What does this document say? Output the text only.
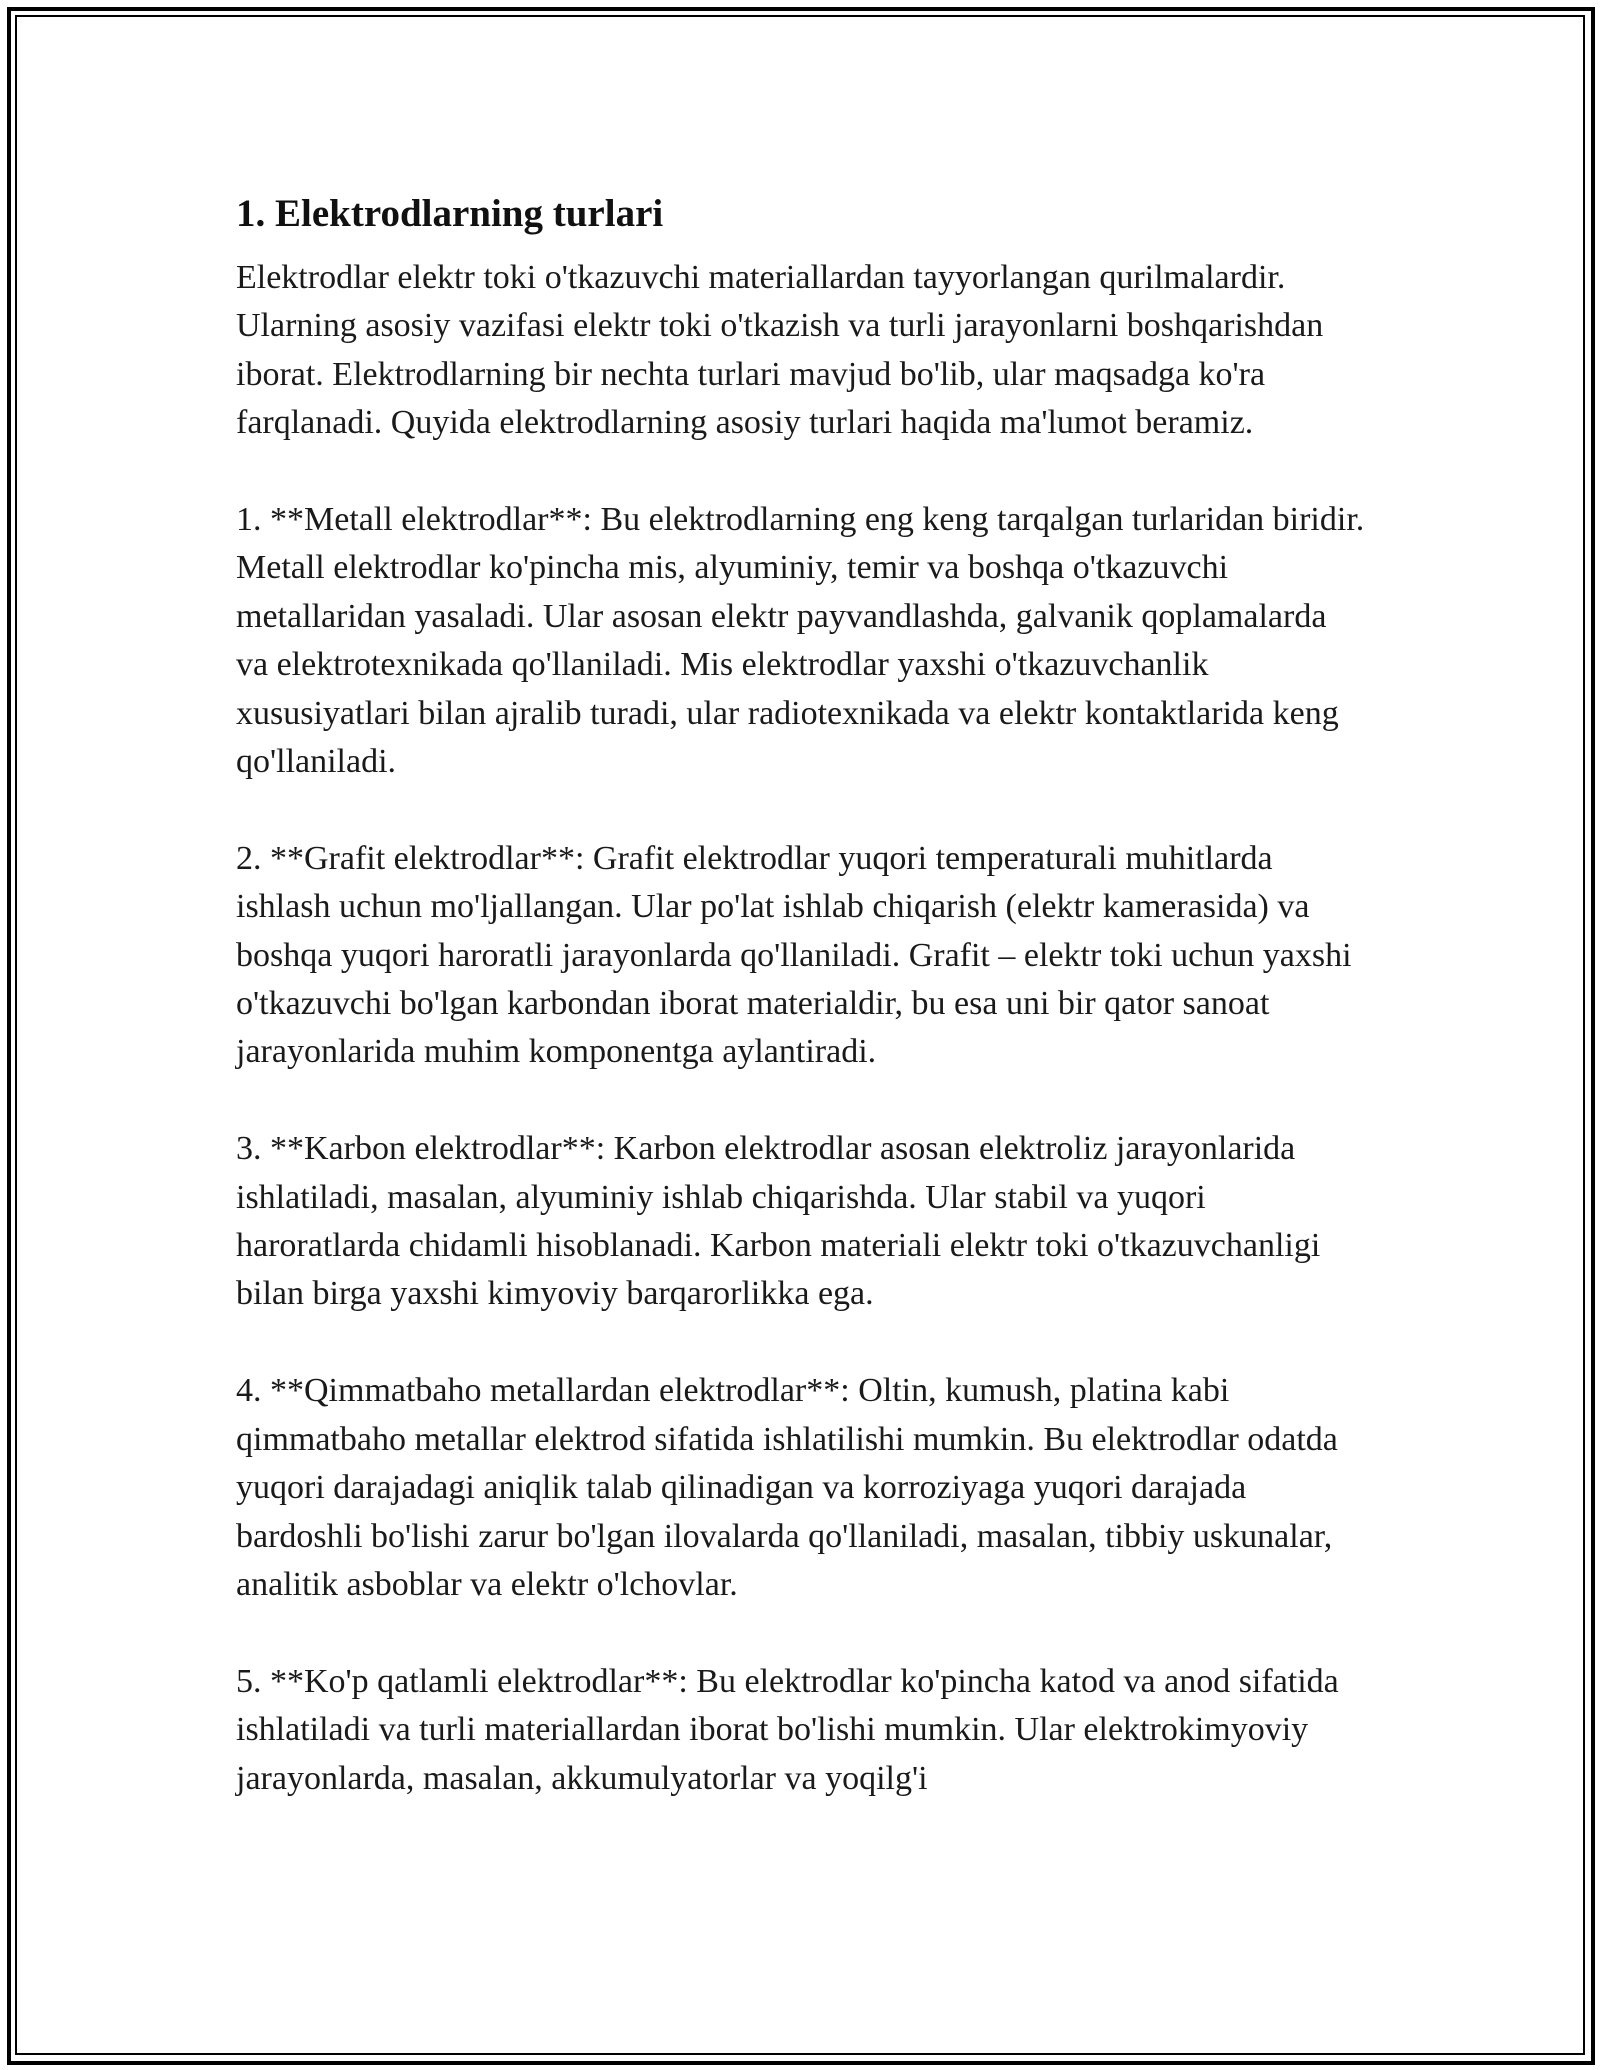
1. Elektrodlarning turlari

Elektrodlar elektr toki o'tkazuvchi materiallardan tayyorlangan qurilmalardir. Ularning asosiy vazifasi elektr toki o'tkazish va turli jarayonlarni boshqarishdan iborat. Elektrodlarning bir nechta turlari mavjud bo'lib, ular maqsadga ko'ra farqlanadi. Quyida elektrodlarning asosiy turlari haqida ma'lumot beramiz.

1. **Metall elektrodlar**: Bu elektrodlarning eng keng tarqalgan turlaridan biridir. Metall elektrodlar ko'pincha mis, alyuminiy, temir va boshqa o'tkazuvchi metallaridan yasaladi. Ular asosan elektr payvandlashda, galvanik qoplamalarda va elektrotexnikada qo'llaniladi. Mis elektrodlar yaxshi o'tkazuvchanlik xususiyatlari bilan ajralib turadi, ular radiotexnikada va elektr kontaktlarida keng qo'llaniladi.

2. **Grafit elektrodlar**: Grafit elektrodlar yuqori temperaturali muhitlarda ishlash uchun mo'ljallangan. Ular po'lat ishlab chiqarish (elektr kamerasida) va boshqa yuqori haroratli jarayonlarda qo'llaniladi. Grafit – elektr toki uchun yaxshi o'tkazuvchi bo'lgan karbondan iborat materialdir, bu esa uni bir qator sanoat jarayonlarida muhim komponentga aylantiradi.

3. **Karbon elektrodlar**: Karbon elektrodlar asosan elektroliz jarayonlarida ishlatiladi, masalan, alyuminiy ishlab chiqarishda. Ular stabil va yuqori haroratlarda chidamli hisoblanadi. Karbon materiali elektr toki o'tkazuvchanligi bilan birga yaxshi kimyoviy barqarorlikka ega.

4. **Qimmatbaho metallardan elektrodlar**: Oltin, kumush, platina kabi qimmatbaho metallar elektrod sifatida ishlatilishi mumkin. Bu elektrodlar odatda yuqori darajadagi aniqlik talab qilinadigan va korroziyaga yuqori darajada bardoshli bo'lishi zarur bo'lgan ilovalarda qo'llaniladi, masalan, tibbiy uskunalar, analitik asboblar va elektr o'lchovlar.

5. **Ko'p qatlamli elektrodlar**: Bu elektrodlar ko'pincha katod va anod sifatida ishlatiladi va turli materiallardan iborat bo'lishi mumkin. Ular elektrokimyoviy jarayonlarda, masalan, akkumulyatorlar va yoqilg'i
